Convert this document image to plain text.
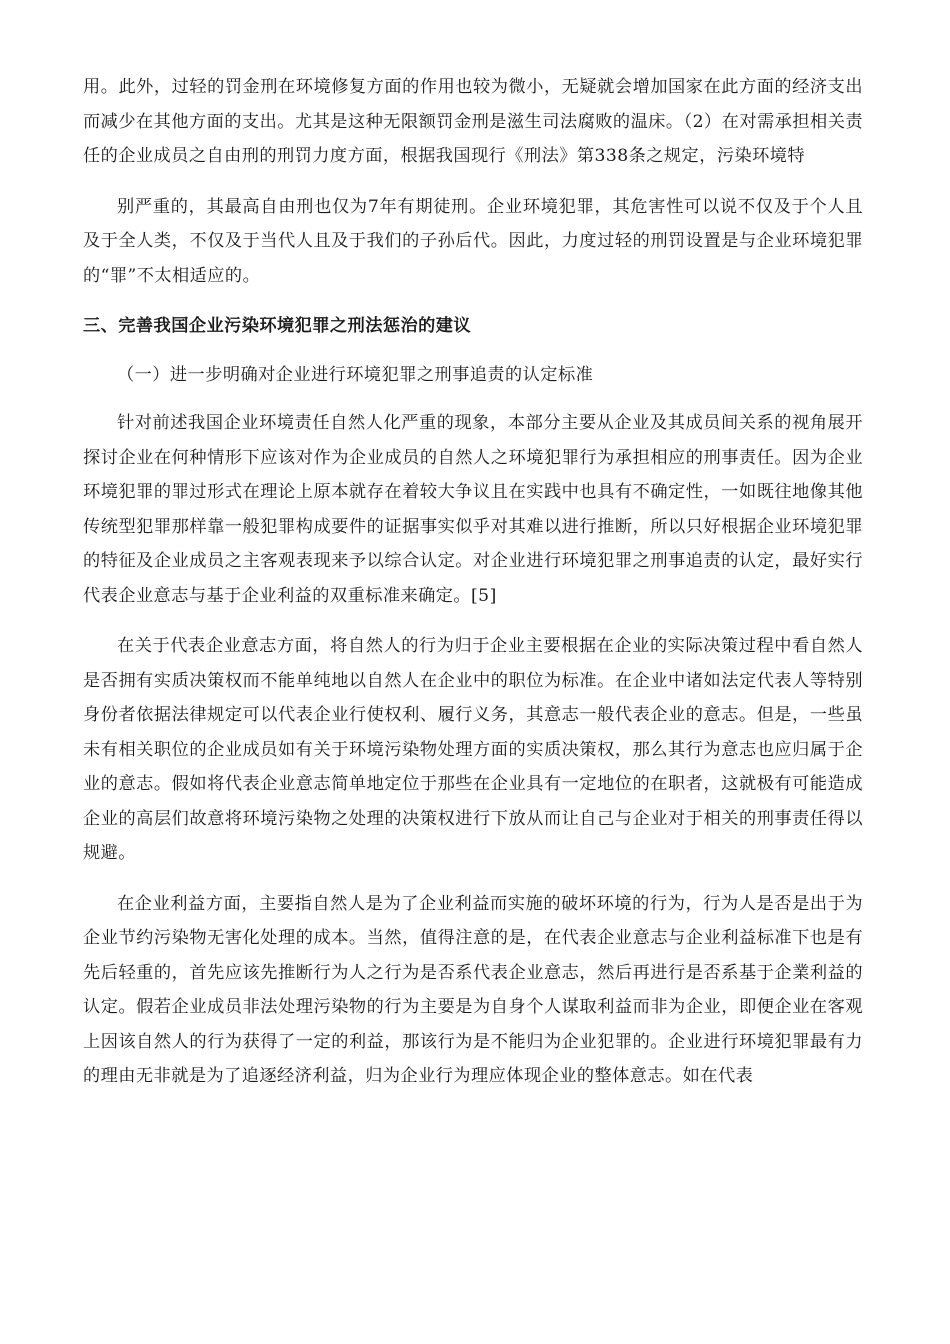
用。此外，过轻的罚金刑在环境修复方面的作用也较为微小，无疑就会增加国家在此方面的经济支出而减少在其他方面的支出。尤其是这种无限额罚金刑是滋生司法腐败的温床。（2）在对需承担相关责任的企业成员之自由刑的刑罚力度方面，根据我国现行《刑法》第338条之规定，污染环境特

别严重的，其最高自由刑也仅为7年有期徒刑。企业环境犯罪，其危害性可以说不仅及于个人且及于全人类，不仅及于当代人且及于我们的子孙后代。因此，力度过轻的刑罚设置是与企业环境犯罪的“罪”不太相适应的。

三、完善我国企业污染环境犯罪之刑法惩治的建议

（一）进一步明确对企业进行环境犯罪之刑事追责的认定标准

针对前述我国企业环境责任自然人化严重的现象，本部分主要从企业及其成员间关系的视角展开探讨企业在何种情形下应该对作为企业成员的自然人之环境犯罪行为承担相应的刑事责任。因为企业环境犯罪的罪过形式在理论上原本就存在着较大争议且在实践中也具有不确定性，一如既往地像其他传统型犯罪那样靠一般犯罪构成要件的证据事实似乎对其难以进行推断，所以只好根据企业环境犯罪的特征及企业成员之主客观表现来予以综合认定。对企业进行环境犯罪之刑事追责的认定，最好实行代表企业意志与基于企业利益的双重标准来确定。[5]

在关于代表企业意志方面，将自然人的行为归于企业主要根据在企业的实际决策过程中看自然人是否拥有实质决策权而不能单纯地以自然人在企业中的职位为标准。在企业中诸如法定代表人等特别身份者依据法律规定可以代表企业行使权利、履行义务，其意志一般代表企业的意志。但是，一些虽未有相关职位的企业成员如有关于环境污染物处理方面的实质决策权，那么其行为意志也应归属于企业的意志。假如将代表企业意志简单地定位于那些在企业具有一定地位的在职者，这就极有可能造成企业的高层们故意将环境污染物之处理的决策权进行下放从而让自己与企业对于相关的刑事责任得以规避。

在企业利益方面，主要指自然人是为了企业利益而实施的破坏环境的行为，行为人是否是出于为企业节约污染物无害化处理的成本。当然，值得注意的是，在代表企业意志与企业利益标准下也是有先后轻重的，首先应该先推断行为人之行为是否系代表企业意志，然后再进行是否系基于企業利益的认定。假若企业成员非法处理污染物的行为主要是为自身个人谋取利益而非为企业，即便企业在客观上因该自然人的行为获得了一定的利益，那该行为是不能归为企业犯罪的。企业进行环境犯罪最有力的理由无非就是为了追逐经济利益，归为企业行为理应体现企业的整体意志。如在代表
